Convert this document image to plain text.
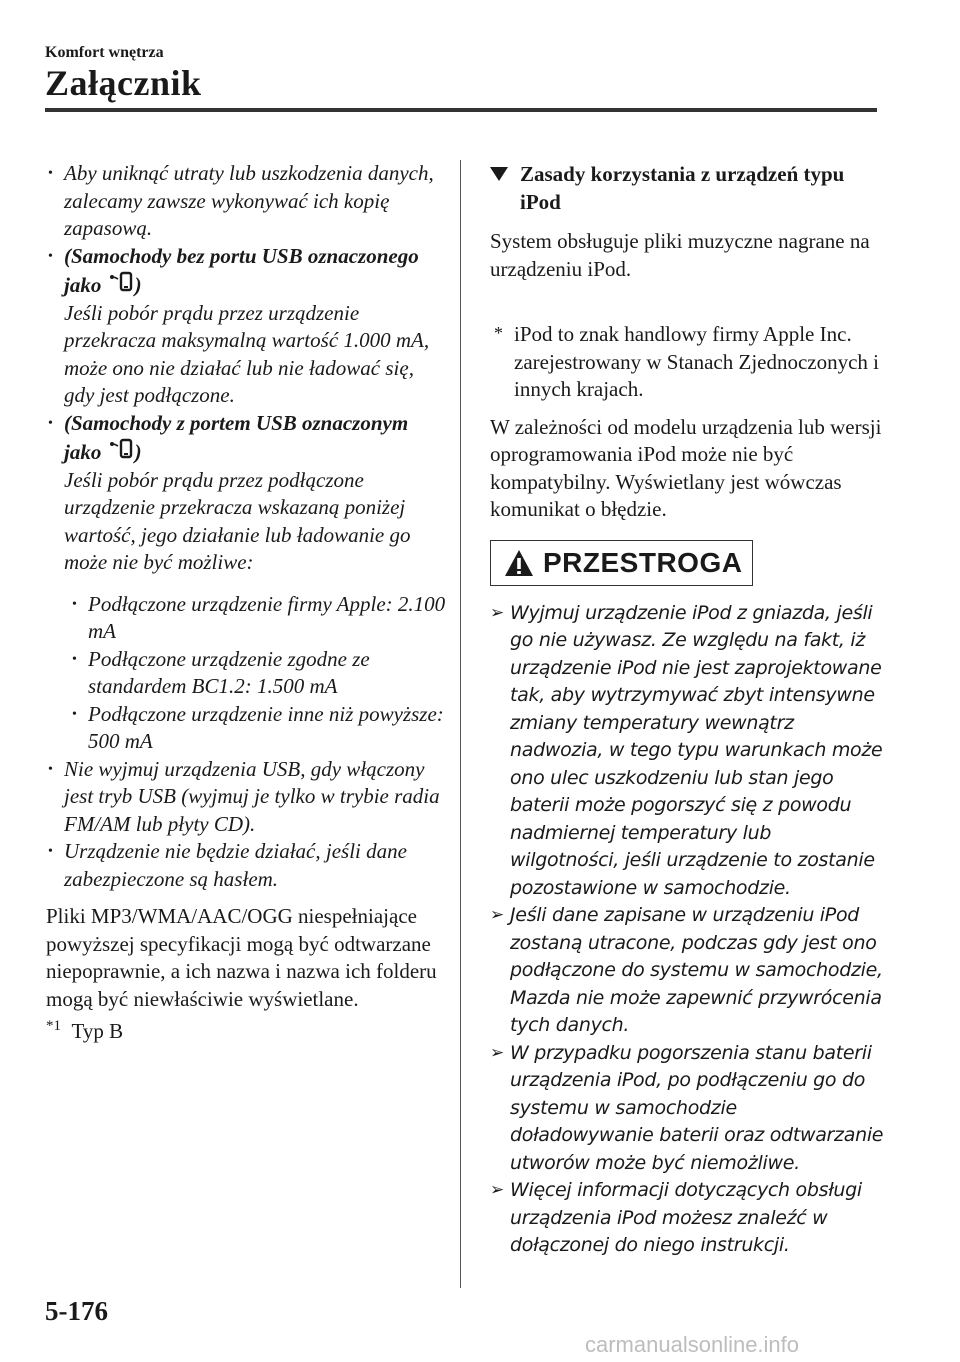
Komfort wnętrza
Załącznik
• Aby uniknąć utraty lub uszkodzenia danych, zalecamy zawsze wykonywać ich kopię zapasową.
• (Samochody bez portu USB oznaczonego jako )
Jeśli pobór prądu przez urządzenie przekracza maksymalną wartość 1.000 mA, może ono nie działać lub nie ładować się, gdy jest podłączone.
• (Samochody z portem USB oznaczonym jako )
Jeśli pobór prądu przez podłączone urządzenie przekracza wskazaną poniżej wartość, jego działanie lub ładowanie go może nie być możliwe:
• Podłączone urządzenie firmy Apple: 2.100 mA
• Podłączone urządzenie zgodne ze standardem BC1.2: 1.500 mA
• Podłączone urządzenie inne niż powyższe: 500 mA
• Nie wyjmuj urządzenia USB, gdy włączony jest tryb USB (wyjmuj je tylko w trybie radia FM/AM lub płyty CD).
• Urządzenie nie będzie działać, jeśli dane zabezpieczone są hasłem.
Pliki MP3/WMA/AAC/OGG niespełniające powyższej specyfikacji mogą być odtwarzane niepoprawnie, a ich nazwa i nazwa ich folderu mogą być niewłaściwie wyświetlane.
$^{*1}$ Typ B
Zasady korzystania z urządzeń typu iPod
System obsługuje pliki muzyczne nagrane na urządzeniu iPod.
* iPod to znak handlowy firmy Apple Inc. zarejestrowany w Stanach Zjednoczonych i innych krajach.
W zależności od modelu urządzenia lub wersji oprogramowania iPod może nie być kompatybilny. Wyświetlany jest wówczas komunikat o błędzie.
PRZESTROGA
➢ Wyjmuj urządzenie iPod z gniazda, jeśli go nie używasz. Ze względu na fakt, iż urządzenie iPod nie jest zaprojektowane tak, aby wytrzymywać zbyt intensywne zmiany temperatury wewnątrz nadwozia, w tego typu warunkach może ono ulec uszkodzeniu lub stan jego baterii może pogorszyć się z powodu nadmiernej temperatury lub wilgotności, jeśli urządzenie to zostanie pozostawione w samochodzie.
➢ Jeśli dane zapisane w urządzeniu iPod zostaną utracone, podczas gdy jest ono podłączone do systemu w samochodzie, Mazda nie może zapewnić przywrócenia tych danych.
➢ W przypadku pogorszenia stanu baterii urządzenia iPod, po podłączeniu go do systemu w samochodzie doładowywanie baterii oraz odtwarzanie utworów może być niemożliwe.
➢ Więcej informacji dotyczących obsługi urządzenia iPod możesz znaleźć w dołączonej do niego instrukcji.
5-176
carmanualsonline.info
